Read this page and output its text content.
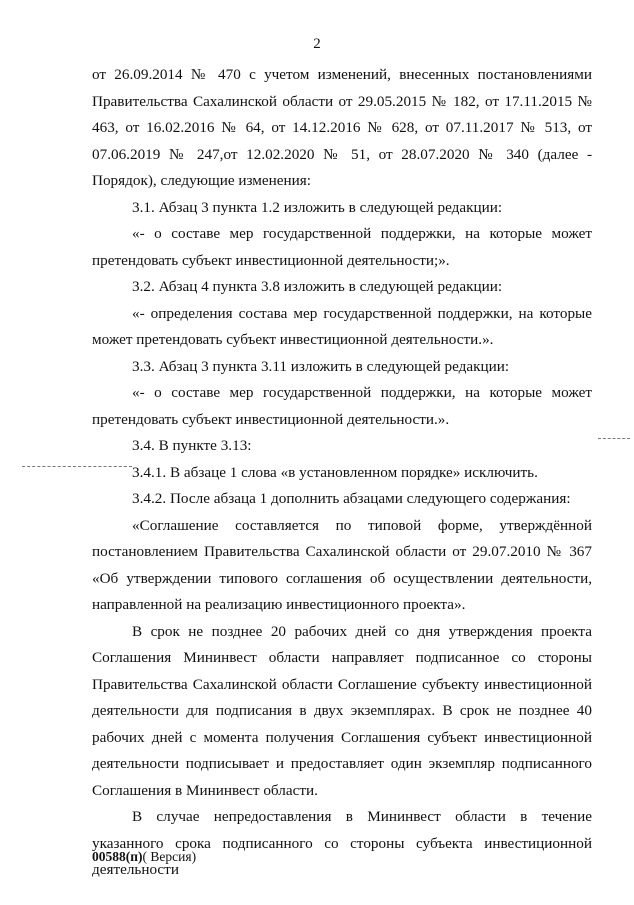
2

от 26.09.2014 № 470 с учетом изменений, внесенных постановлениями Правительства Сахалинской области от 29.05.2015 № 182, от 17.11.2015 № 463, от 16.02.2016 № 64, от 14.12.2016 № 628, от 07.11.2017 № 513, от 07.06.2019 № 247,от 12.02.2020 № 51, от 28.07.2020 № 340 (далее - Порядок), следующие изменения:

3.1. Абзац 3 пункта 1.2 изложить в следующей редакции:

«- о составе мер государственной поддержки, на которые может претендовать субъект инвестиционной деятельности;».

3.2. Абзац 4 пункта 3.8 изложить в следующей редакции:

«- определения состава мер государственной поддержки, на которые может претендовать субъект инвестиционной деятельности.».

3.3. Абзац 3 пункта 3.11 изложить в следующей редакции:

«- о составе мер государственной поддержки, на которые может претендовать субъект инвестиционной деятельности.».

3.4. В пункте 3.13:

3.4.1. В абзаце 1 слова «в установленном порядке» исключить.

3.4.2. После абзаца 1 дополнить абзацами следующего содержания:

«Соглашение составляется по типовой форме, утверждённой постановлением Правительства Сахалинской области от 29.07.2010 № 367 «Об утверждении типового соглашения об осуществлении деятельности, направленной на реализацию инвестиционного проекта».

В срок не позднее 20 рабочих дней со дня утверждения проекта Соглашения Мининвест области направляет подписанное со стороны Правительства Сахалинской области Соглашение субъекту инвестиционной деятельности для подписания в двух экземплярах. В срок не позднее 40 рабочих дней с момента получения Соглашения субъект инвестиционной деятельности подписывает и предоставляет один экземпляр подписанного Соглашения в Мининвест области.

В случае непредоставления в Мининвест области в течение указанного срока подписанного со стороны субъекта инвестиционной деятельности

00588(п)( Версия)
